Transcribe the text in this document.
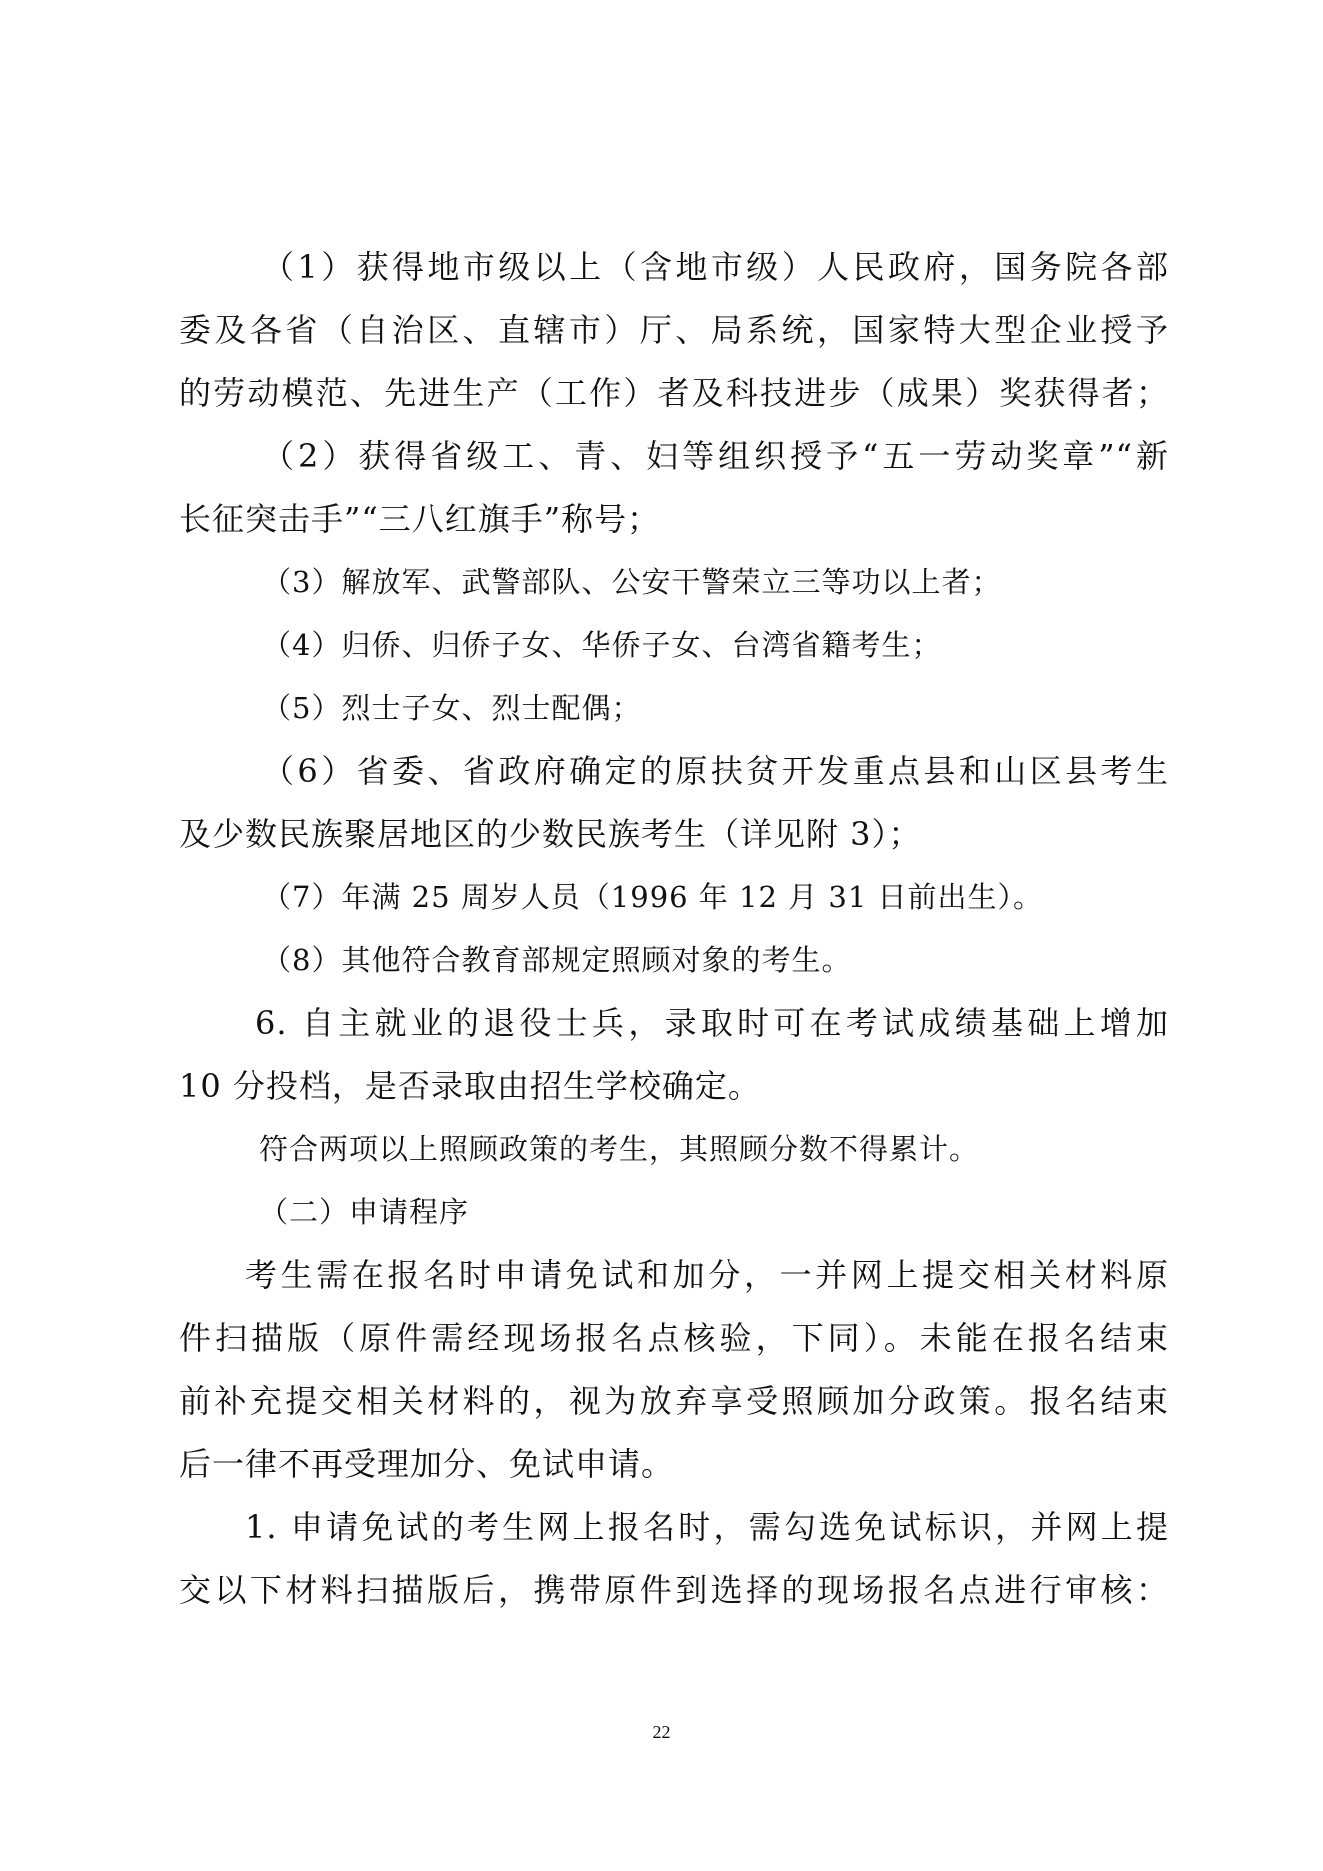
（1）获得地市级以上（含地市级）人民政府，国务院各部
委及各省（自治区、直辖市）厅、局系统，国家特大型企业授予
的劳动模范、先进生产（工作）者及科技进步（成果）奖获得者；
（2）获得省级工、青、妇等组织授予“五一劳动奖章”“新
长征突击手”“三八红旗手”称号；
（3）解放军、武警部队、公安干警荣立三等功以上者；
（4）归侨、归侨子女、华侨子女、台湾省籍考生；
（5）烈士子女、烈士配偶；
（6）省委、省政府确定的原扶贫开发重点县和山区县考生
及少数民族聚居地区的少数民族考生（详见附 3）；
（7）年满 25 周岁人员（1996 年 12 月 31 日前出生）。
（8）其他符合教育部规定照顾对象的考生。
6. 自主就业的退役士兵，录取时可在考试成绩基础上增加
10 分投档，是否录取由招生学校确定。
符合两项以上照顾政策的考生，其照顾分数不得累计。
（二）申请程序
考生需在报名时申请免试和加分，一并网上提交相关材料原
件扫描版（原件需经现场报名点核验，下同）。未能在报名结束
前补充提交相关材料的，视为放弃享受照顾加分政策。报名结束
后一律不再受理加分、免试申请。
1. 申请免试的考生网上报名时，需勾选免试标识，并网上提
交以下材料扫描版后，携带原件到选择的现场报名点进行审核：
22
